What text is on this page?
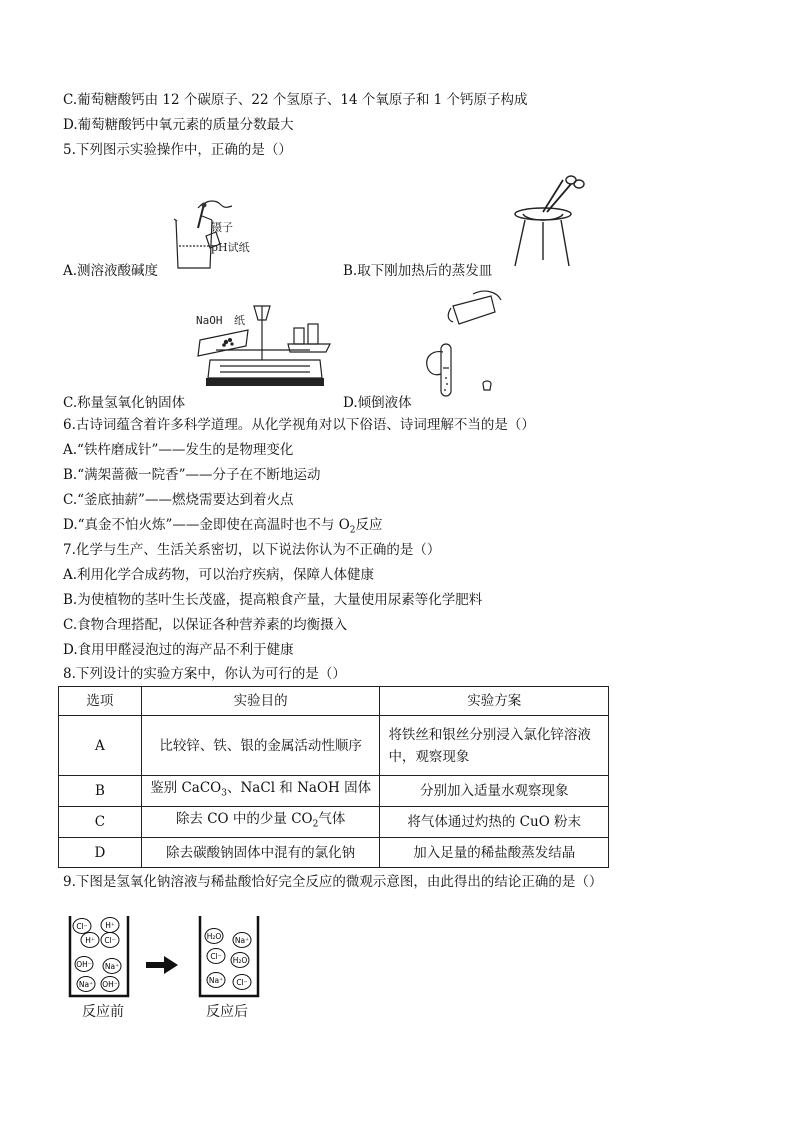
C.葡萄糖酸钙由 12 个碳原子、22 个氢原子、14 个氧原子和 1 个钙原子构成
D.葡萄糖酸钙中氧元素的质量分数最大
5.下列图示实验操作中，正确的是（）
镊子
pH试纸
A.测溶液酸碱度	B.取下刚加热后的蒸发皿
NaOH 纸
C.称量氢氧化钠固体	D.倾倒液体
6.古诗词蕴含着许多科学道理。从化学视角对以下俗语、诗词理解不当的是（）
A.“铁杵磨成针”——发生的是物理变化
B.“满架蔷薇一院香”——分子在不断地运动
C.“釜底抽薪”——燃烧需要达到着火点
D.“真金不怕火炼”——金即使在高温时也不与 $O_2$反应
7.化学与生产、生活关系密切，以下说法你认为不正确的是（）
A.利用化学合成药物，可以治疗疾病，保障人体健康
B.为使植物的茎叶生长茂盛，提高粮食产量，大量使用尿素等化学肥料
C.食物合理搭配，以保证各种营养素的均衡摄入
D.食用甲醛浸泡过的海产品不利于健康
8.下列设计的实验方案中，你认为可行的是（）
选项	实验目的	实验方案
A	比较锌、铁、银的金属活动性顺序	将铁丝和银丝分别浸入氯化锌溶液
中，观察现象

B	鉴别 CaCO$_3$、NaCl 和 NaOH 固体	分别加入适量水观察现象
C	除去 CO 中的少量 $CO_2$气体	将气体通过灼热的 CuO 粉末
D	除去碳酸钠固体中混有的氯化钠	加入足量的稀盐酸蒸发结晶
9.下图是氢氧化钠溶液与稀盐酸恰好完全反应的微观示意图，由此得出的结论正确的是（）
Cl⁻ H⁺
H⁺ Cl⁻
OH⁻ Na⁺
Na⁺ OH⁻
H₂O Na⁺
Cl⁻ H₂O
Na⁺ Cl⁻
反应前	反应后
